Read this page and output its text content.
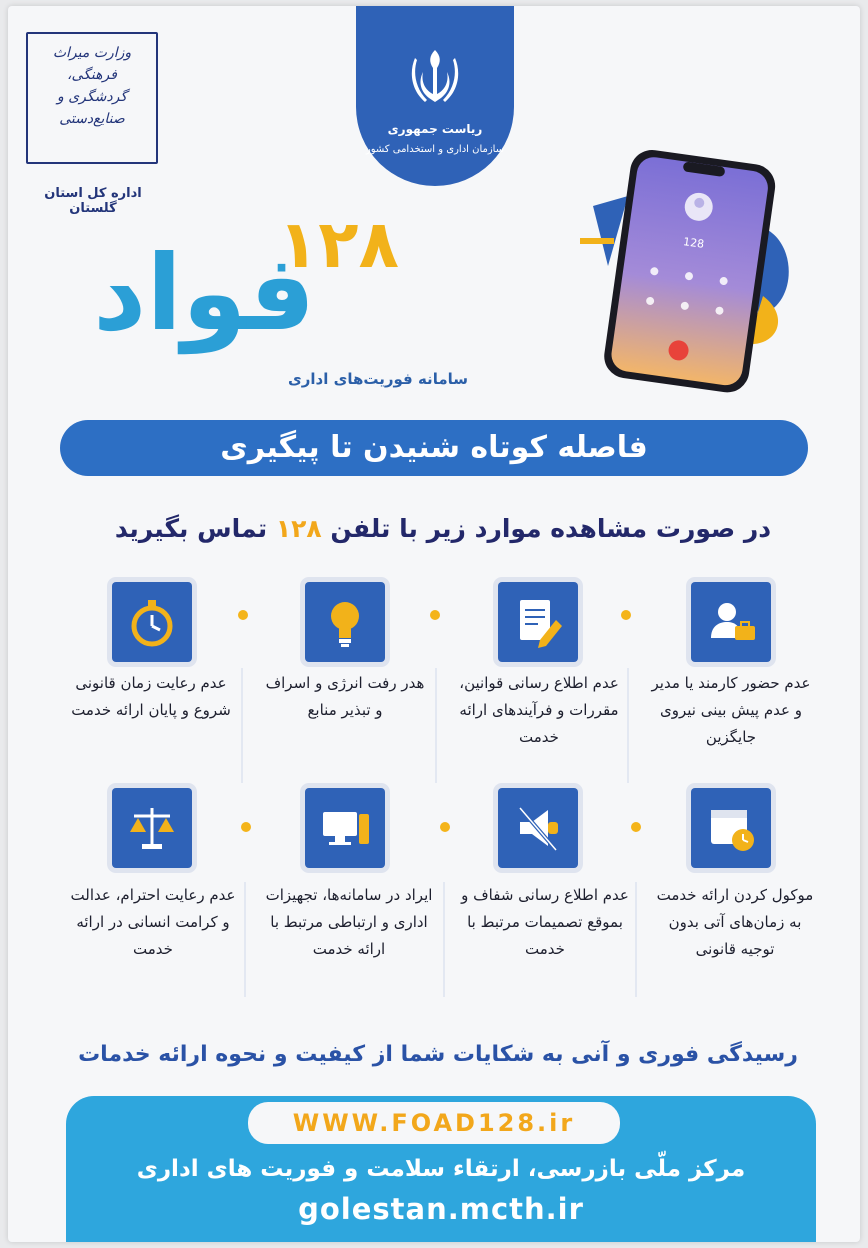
وزارت میراث فرهنگی، گردشگری و صنایع‌دستی
اداره کل استان گلستان
ریاست جمهوری
سازمان اداری و استخدامی کشور
۱۲۸
فواد
سامانه فوریت‌های اداری
128
فاصله کوتاه شنیدن تا پیگیری
در صورت مشاهده موارد زیر با تلفن ۱۲۸ تماس بگیرید
عدم حضور کارمند یا مدیر و عدم پیش بینی نیروی جایگزین
عدم اطلاع رسانی قوانین، مقررات و فرآیندهای ارائه خدمت
هدر رفت انرژی و اسراف و تبذیر منابع
عدم رعایت زمان قانونی شروع و پایان ارائه خدمت
موکول کردن ارائه خدمت به زمان‌های آتی بدون توجیه قانونی
عدم اطلاع رسانی شفاف و بموقع تصمیمات مرتبط با خدمت
ایراد در سامانه‌ها، تجهیزات اداری و ارتباطی مرتبط با ارائه خدمت
عدم رعایت احترام، عدالت و کرامت انسانی در ارائه خدمت
رسیدگی فوری و آنی به شکایات شما از کیفیت و نحوه ارائه خدمات
WWW.FOAD128.ir
مرکز ملّی بازرسی، ارتقاء سلامت و فوریت های اداری
golestan.mcth.ir
